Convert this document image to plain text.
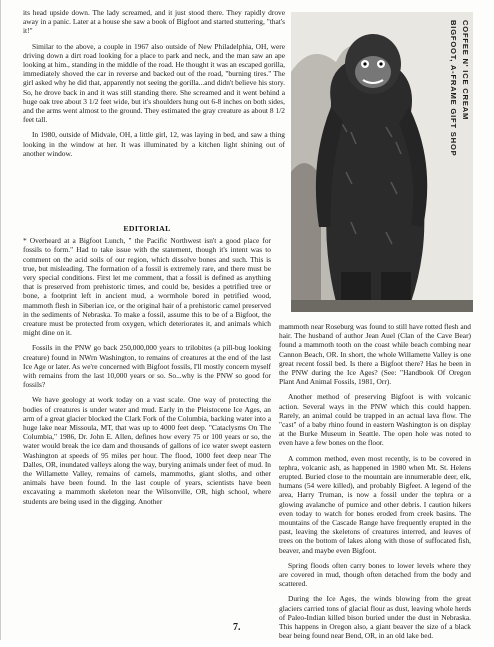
its head upside down. The lady screamed, and it just stood there. They rapidly drove away in a panic. Later at a house she saw a book of Bigfoot and started stuttering, "that's it!"

Similar to the above, a couple in 1967 also outside of New Philadelphia, OH, were driving down a dirt road looking for a place to park and neck, and the man saw an ape looking at him., standing in the middle of the road. He thought it was an escaped gorilla, immediately shoved the car in reverse and backed out of the road, "burning tires." The girl asked why he did that, apparently not seeing the gorilla...and didn't believe his story. So, he drove back in and it was still standing there. She screamed and it went behind a huge oak tree about 3 1/2 feet wide, but it's shoulders hung out 6-8 inches on both sides, and the arms went almost to the ground. They estimated the gray creature as about 8 1/2 feet tall.

In 1980, outside of Midvale, OH, a little girl, 12, was laying in bed, and saw a thing looking in the window at her. It was illuminated by a kitchen light shining out of another window.

COFFEE N' ICE CREAM
BIGFOOT, A-FRAME GIFT SHOP
EDITORIAL

* Overheard at a Bigfoot Lunch, " the Pacific Northwest isn't a good place for fossils to form." Had to take issue with the statement, though it's intent was to comment on the acid soils of our region, which dissolve bones and such. This is true, but misleading. The formation of a fossil is extremely rare, and there must be very special conditions. First let me comment, that a fossil is defined as anything that is preserved from prehistoric times, and could be, besides a petrified tree or bone, a footprint left in ancient mud, a wormhole bored in petrified wood, mammoth flesh in Siberian ice, or the original hair of a prehistoric camel preserved in the sediments of Nebraska. To make a fossil, assume this to be of a Bigfoot, the creature must be protected from oxygen, which deteriorates it, and animals which might dine on it.

Fossils in the PNW go back 250,000,000 years to trilobites (a pill-bug looking creature) found in NWrn Washington, to remains of creatures at the end of the last Ice Age or later. As we're concerned with Bigfoot fossils, I'll mostly concern myself with remains from the last 10,000 years or so. So...why is the PNW so good for fossils?

We have geology at work today on a vast scale. One way of protecting the bodies of creatures is under water and mud. Early in the Pleistocene Ice Ages, an arm of a great glacier blocked the Clark Fork of the Columbia, backing water into a huge lake near Missoula, MT, that was up to 4000 feet deep. "Cataclysms On The Columbia," 1986, Dr. John E. Allen, defines how every 75 or 100 years or so, the water would break the ice dam and thousands of gallons of ice water swept eastern Washington at speeds of 95 miles per hour. The flood, 1000 feet deep near The Dalles, OR, inundated valleys along the way, burying animals under feet of mud. In the Willamette Valley, remains of camels, mammoths, giant sloths, and other animals have been found. In the last couple of years, scientists have been excavating a mammoth skeleton near the Wilsonville, OR, high school, where students are being used in the digging. Another

mammoth near Roseburg was found to still have rotted flesh and hair. The husband of author Jean Auel (Clan of the Cave Bear) found a mammoth tooth on the coast while beach combing near Cannon Beach, OR. In short, the whole Willamette Valley is one great recent fossil bed. Is there a Bigfoot there? Has he been in the PNW during the Ice Ages? (See: "Handbook Of Oregon Plant And Animal Fossils, 1981, Orr).

Another method of preserving Bigfoot is with volcanic action. Several ways in the PNW which this could happen. Rarely, an animal could be trapped in an actual lava flow. The "cast" of a baby rhino found in eastern Washington is on display at the Burke Museum in Seattle. The open hole was noted to even have a few bones on the floor.

A common method, even most recently, is to be covered in tephra, volcanic ash, as happened in 1980 when Mt. St. Helens erupted. Buried close to the mountain are innumerable deer, elk, humans (54 were killed), and probably Bigfeet. A legend of the area, Harry Truman, is now a fossil under the tephra or a glowing avalanche of pumice and other debris. I caution hikers even today to watch for bones eroded from creek basins. The mountains of the Cascade Range have frequently erupted in the past, leaving the skeletons of creatures interred, and leaves of trees on the bottom of lakes along with those of suffocated fish, beaver, and maybe even Bigfoot.

Spring floods often carry bones to lower levels where they are covered in mud, though often detached from the body and scattered.

During the Ice Ages, the winds blowing from the great glaciers carried tons of glacial flour as dust, leaving whole herds of Paleo-Indian killed bison buried under the dust in Nebraska. This happens in Oregon also, a giant beaver the size of a black bear being found near Bend, OR, in an old lake bed.

7.
